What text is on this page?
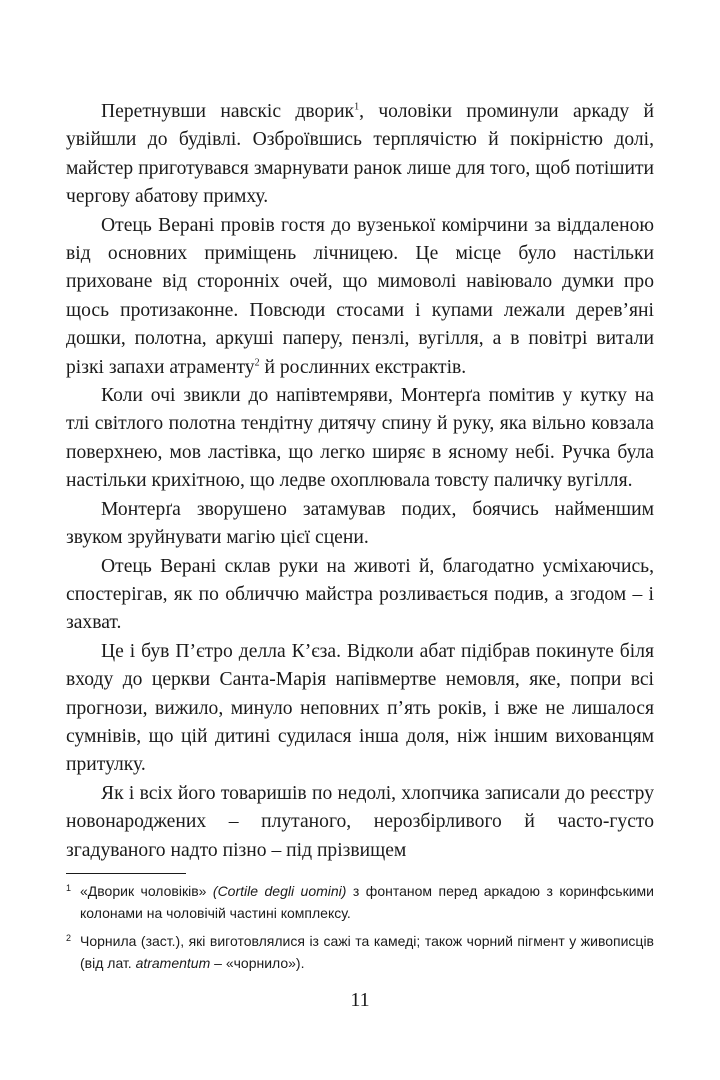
Перетнувши навскіс дворик$^1$, чоловіки проминули аркаду й увійшли до будівлі. Озброївшись терплячістю й покірністю долі, майстер приготувався змарнувати ранок лише для того, щоб потішити чергову абатову примху.

Отець Верані провів гостя до вузенької комірчини за віддаленою від основних приміщень лічницею. Це місце було настільки приховане від сторонніх очей, що мимоволі навіювало думки про щось протизаконне. Повсюди стосами і купами лежали дерев’яні дошки, полотна, аркуші паперу, пензлі, вугілля, а в повітрі витали різкі запахи атраменту$^2$ й рослинних екстрактів.

Коли очі звикли до напівтемряви, Монтерґа помітив у кутку на тлі світлого полотна тендітну дитячу спину й руку, яка вільно ковзала поверхнею, мов ластівка, що легко ширяє в ясному небі. Ручка була настільки крихітною, що ледве охоплювала товсту паличку вугілля.

Монтерґа зворушено затамував подих, боячись найменшим звуком зруйнувати магію цієї сцени.

Отець Верані склав руки на животі й, благодатно усміхаючись, спостерігав, як по обличчю майстра розливається подив, а згодом – і захват.

Це і був П’єтро делла К’єза. Відколи абат підібрав покинуте біля входу до церкви Санта-Марія напівмертве немовля, яке, попри всі прогнози, вижило, минуло неповних п’ять років, і вже не лишалося сумнівів, що цій дитині судилася інша доля, ніж іншим вихованцям притулку.

Як і всіх його товаришів по недолі, хлопчика записали до реєстру новонароджених – плутаного, нерозбірливого й часто-густо згадуваного надто пізно – під прізвищем

1 «Дворик чоловіків» (Cortile degli uomini) з фонтаном перед аркадою з коринфськими колонами на чоловічій частині комплексу.
2 Чорнила (заст.), які виготовлялися із сажі та камеді; також чорний пігмент у живописців (від лат. atramentum – «чорнило»).
11
